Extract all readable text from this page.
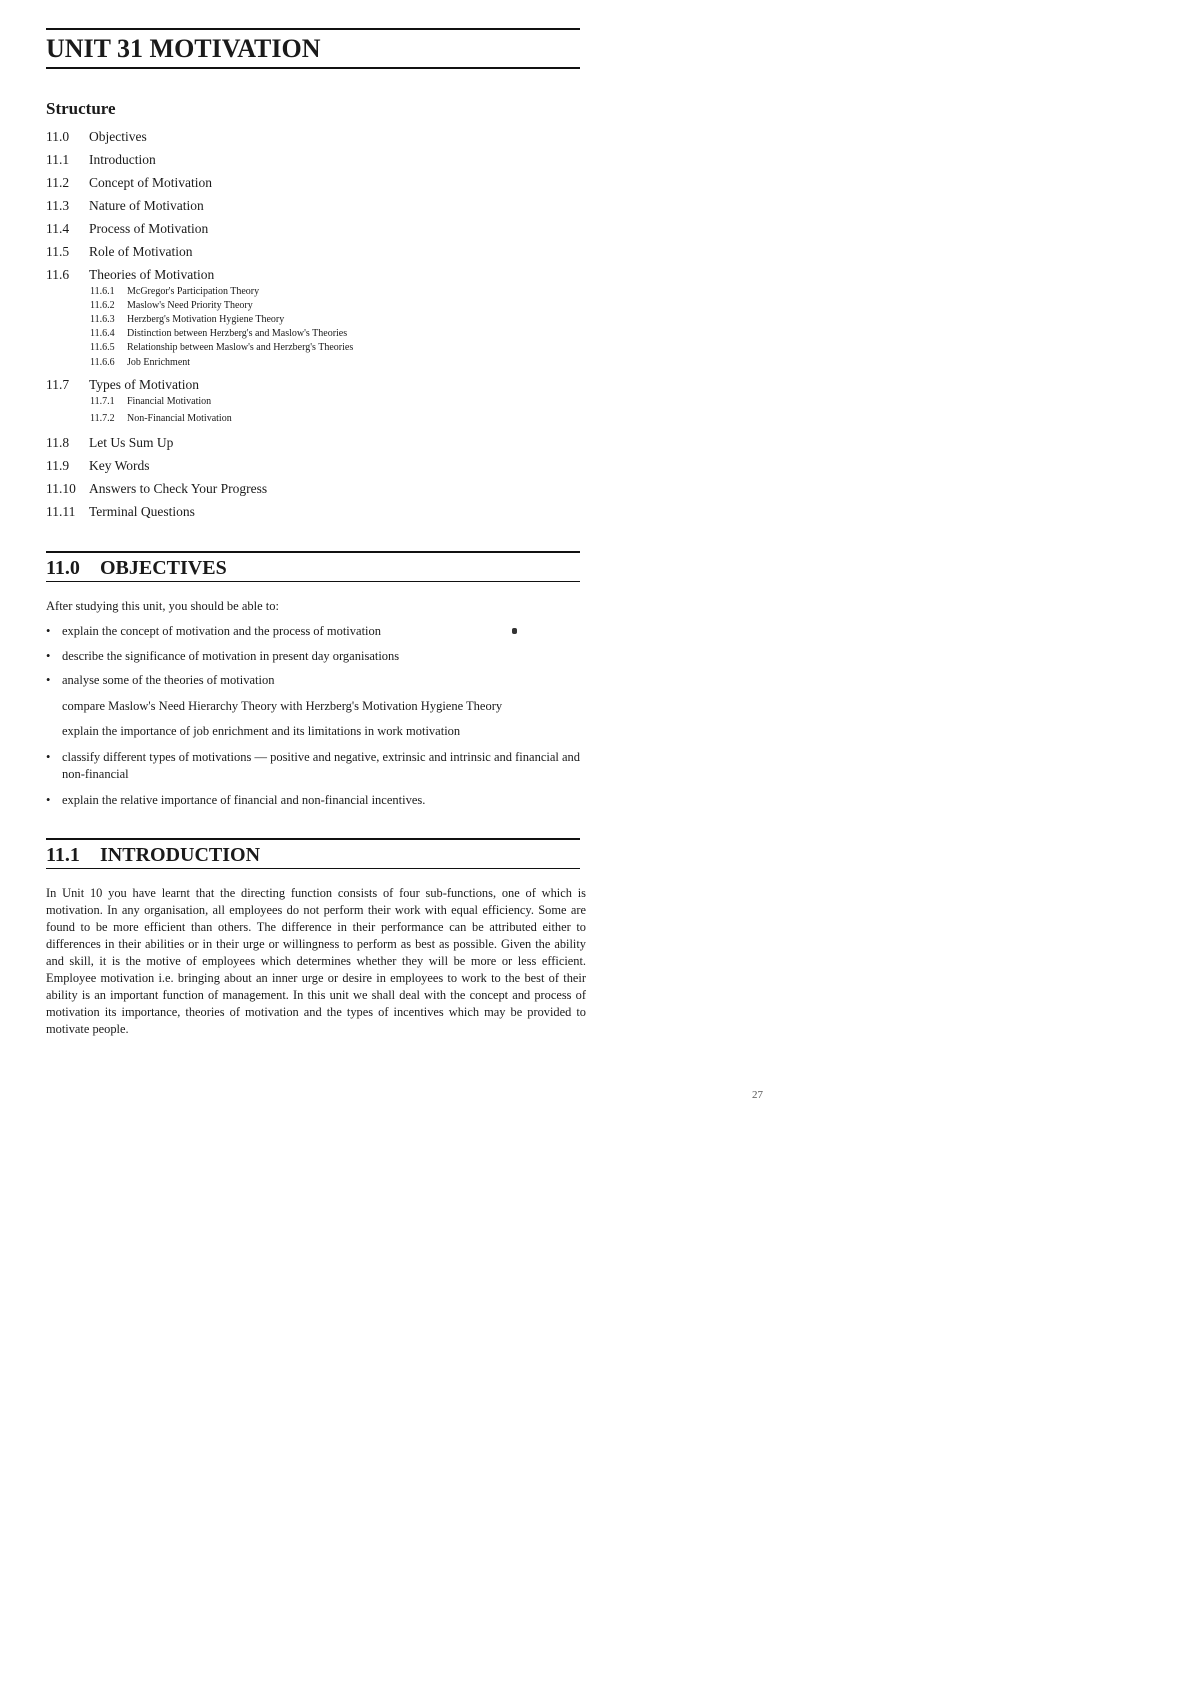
UNIT 31 MOTIVATION
Structure
11.0	Objectives
11.1	Introduction
11.2	Concept of Motivation
11.3	Nature of Motivation
11.4	Process of Motivation
11.5	Role of Motivation
11.6	Theories of Motivation
11.6.1	McGregor's Participation Theory
11.6.2	Maslow's Need Priority Theory
11.6.3	Herzberg's Motivation Hygiene Theory
11.6.4	Distinction between Herzberg's and Maslow's Theories
11.6.5	Relationship between Maslow's and Herzberg's Theories
11.6.6	Job Enrichment
11.7	Types of Motivation
11.7.1	Financial Motivation
11.7.2	Non-Financial Motivation
11.8	Let Us Sum Up
11.9	Key Words
11.10 Answers to Check Your Progress
11.11	Terminal Questions
11.0 OBJECTIVES
After studying this unit, you should be able to:
• explain the concept of motivation and the process of motivation
• describe the significance of motivation in present day organisations
• analyse some of the theories of motivation
compare Maslow's Need Hierarchy Theory with Herzberg's Motivation Hygiene Theory
explain the importance of job enrichment and its limitations in work motivation
• classify different types of motivations — positive and negative, extrinsic and intrinsic and financial and non-financial
• explain the relative importance of financial and non-financial incentives.
11.1 INTRODUCTION
In Unit 10 you have learnt that the directing function consists of four sub-functions, one of which is motivation. In any organisation, all employees do not perform their work with equal efficiency. Some are found to be more efficient than others. The difference in their performance can be attributed either to differences in their abilities or in their urge or willingness to perform as best as possible. Given the ability and skill, it is the motive of employees which determines whether they will be more or less efficient. Employee motivation i.e. bringing about an inner urge or desire in employees to work to the best of their ability is an important function of management. In this unit we shall deal with the concept and process of motivation its importance, theories of motivation and the types of incentives which may be provided to motivate people.
27
